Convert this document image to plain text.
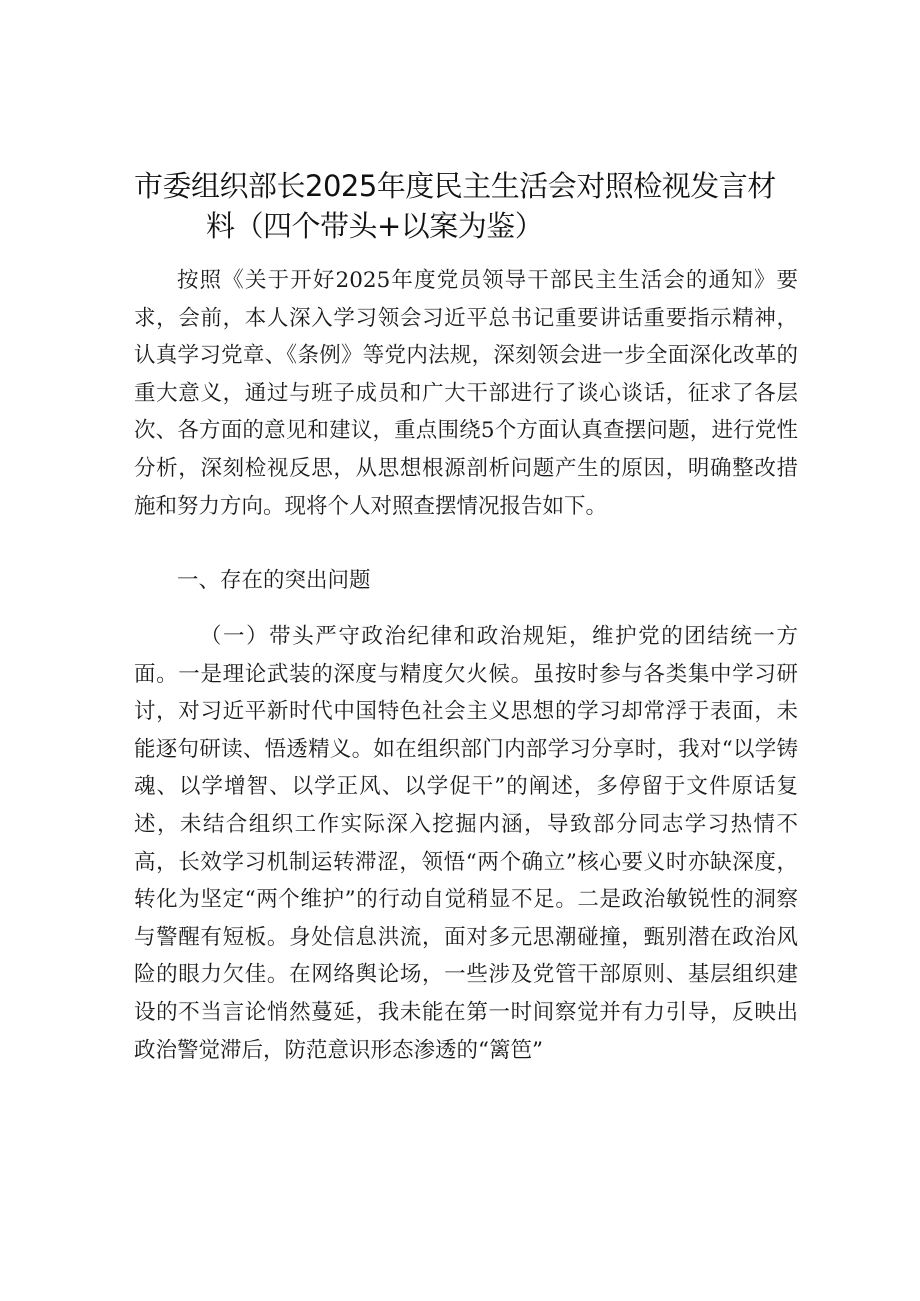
市委组织部长2025年度民主生活会对照检视发言材
料（四个带头+以案为鉴）

按照《关于开好2025年度党员领导干部民主生活会的通知》要求，会前，本人深入学习领会习近平总书记重要讲话重要指示精神，认真学习党章、《条例》等党内法规，深刻领会进一步全面深化改革的重大意义，通过与班子成员和广大干部进行了谈心谈话，征求了各层次、各方面的意见和建议，重点围绕5个方面认真查摆问题，进行党性分析，深刻检视反思，从思想根源剖析问题产生的原因，明确整改措施和努力方向。现将个人对照查摆情况报告如下。

一、存在的突出问题

（一）带头严守政治纪律和政治规矩，维护党的团结统一方面。一是理论武装的深度与精度欠火候。虽按时参与各类集中学习研讨，对习近平新时代中国特色社会主义思想的学习却常浮于表面，未能逐句研读、悟透精义。如在组织部门内部学习分享时，我对“以学铸魂、以学增智、以学正风、以学促干”的阐述，多停留于文件原话复述，未结合组织工作实际深入挖掘内涵，导致部分同志学习热情不高，长效学习机制运转滞涩，领悟“两个确立”核心要义时亦缺深度，转化为坚定“两个维护”的行动自觉稍显不足。二是政治敏锐性的洞察与警醒有短板。身处信息洪流，面对多元思潮碰撞，甄别潜在政治风险的眼力欠佳。在网络舆论场，一些涉及党管干部原则、基层组织建设的不当言论悄然蔓延，我未能在第一时间察觉并有力引导，反映出政治警觉滞后，防范意识形态渗透的“篱笆”
